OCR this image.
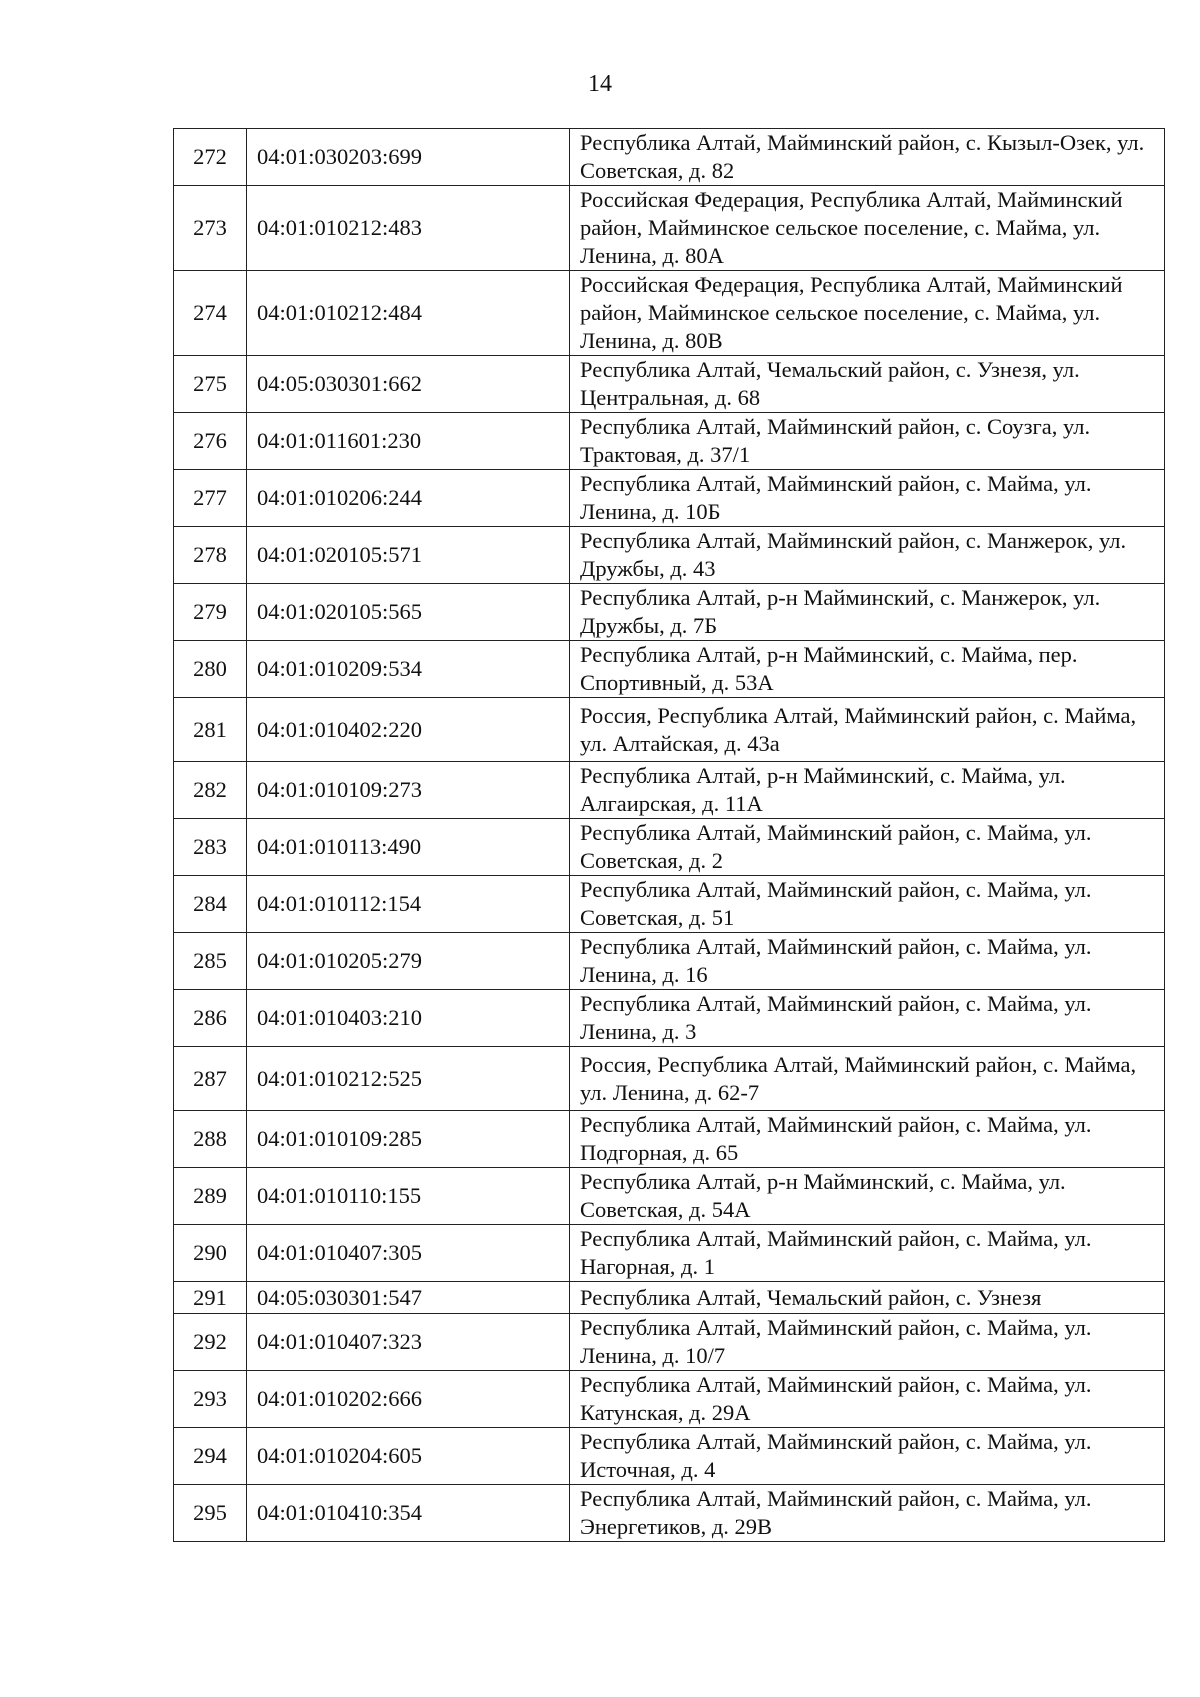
14
272	04:01:030203:699	Республика Алтай, Майминский район, с. Кызыл-Озек, ул. Советская, д. 82
273	04:01:010212:483	Российская Федерация, Республика Алтай, Майминский район, Майминское сельское поселение, с. Майма, ул. Ленина, д. 80А
274	04:01:010212:484	Российская Федерация, Республика Алтай, Майминский район, Майминское сельское поселение, с. Майма, ул. Ленина, д. 80В
275	04:05:030301:662	Республика Алтай, Чемальский район, с. Узнезя, ул. Центральная, д. 68
276	04:01:011601:230	Республика Алтай, Майминский район, с. Соузга, ул. Трактовая, д. 37/1
277	04:01:010206:244	Республика Алтай, Майминский район, с. Майма, ул. Ленина, д. 10Б
278	04:01:020105:571	Республика Алтай, Майминский район, с. Манжерок, ул. Дружбы, д. 43
279	04:01:020105:565	Республика Алтай, р-н Майминский, с. Манжерок, ул. Дружбы, д. 7Б
280	04:01:010209:534	Республика Алтай, р-н Майминский, с. Майма, пер. Спортивный, д. 53А
281	04:01:010402:220	Россия, Республика Алтай, Майминский район, с. Майма, ул. Алтайская, д. 43а
282	04:01:010109:273	Республика Алтай, р-н Майминский, с. Майма, ул. Алгаирская, д. 11А
283	04:01:010113:490	Республика Алтай, Майминский район, с. Майма, ул. Советская, д. 2
284	04:01:010112:154	Республика Алтай, Майминский район, с. Майма, ул. Советская, д. 51
285	04:01:010205:279	Республика Алтай, Майминский район, с. Майма, ул. Ленина, д. 16
286	04:01:010403:210	Республика Алтай, Майминский район, с. Майма, ул. Ленина, д. 3
287	04:01:010212:525	Россия, Республика Алтай, Майминский район, с. Майма, ул. Ленина, д. 62-7
288	04:01:010109:285	Республика Алтай, Майминский район, с. Майма, ул. Подгорная, д. 65
289	04:01:010110:155	Республика Алтай, р-н Майминский, с. Майма, ул. Советская, д. 54А
290	04:01:010407:305	Республика Алтай, Майминский район, с. Майма, ул. Нагорная, д. 1
291	04:05:030301:547	Республика Алтай, Чемальский район, с. Узнезя
292	04:01:010407:323	Республика Алтай, Майминский район, с. Майма, ул. Ленина, д. 10/7
293	04:01:010202:666	Республика Алтай, Майминский район, с. Майма, ул. Катунская, д. 29А
294	04:01:010204:605	Республика Алтай, Майминский район, с. Майма, ул. Источная, д. 4
295	04:01:010410:354	Республика Алтай, Майминский район, с. Майма, ул. Энергетиков, д. 29В
